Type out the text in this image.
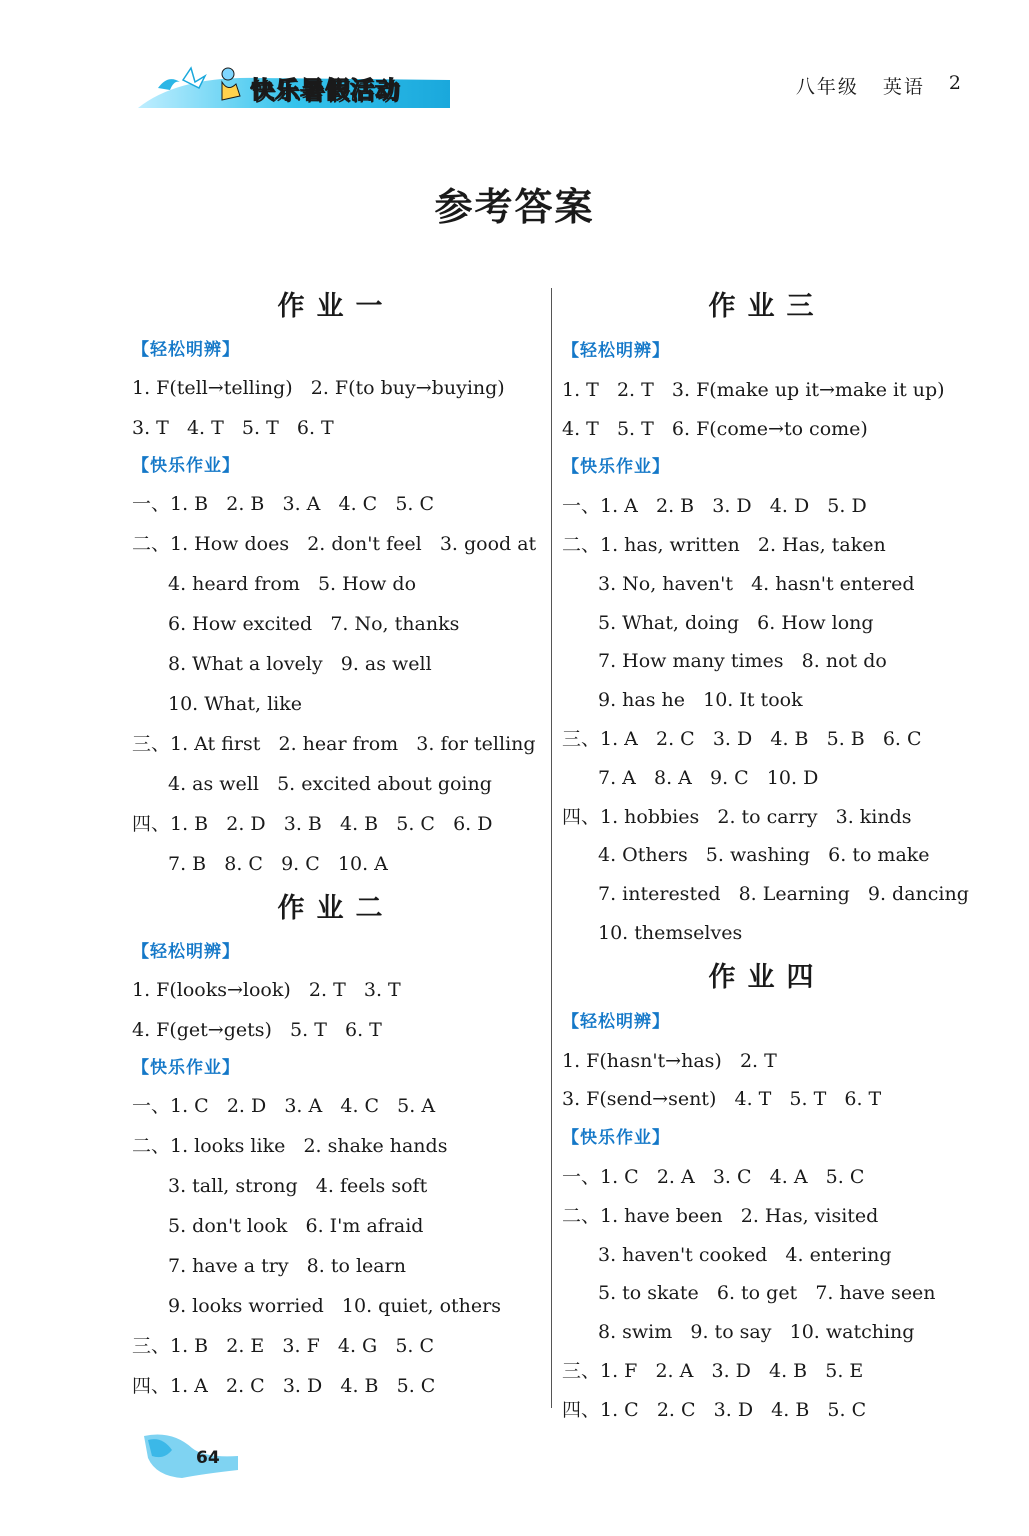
快乐暑假活动	八年级 英语 2
参考答案
作业一
【轻松明辨】
1. F(tell→telling)   2. F(to buy→buying)
3. T   4. T   5. T   6. T
【快乐作业】
一、1. B   2. B   3. A   4. C   5. C
二、1. How does   2. don't feel   3. good at
4. heard from   5. How do
6. How excited   7. No, thanks
8. What a lovely   9. as well
10. What, like
三、1. At first   2. hear from   3. for telling
4. as well   5. excited about going
四、1. B   2. D   3. B   4. B   5. C   6. D
7. B   8. C   9. C   10. A
作业二
【轻松明辨】
1. F(looks→look)   2. T   3. T
4. F(get→gets)   5. T   6. T
【快乐作业】
一、1. C   2. D   3. A   4. C   5. A
二、1. looks like   2. shake hands
3. tall, strong   4. feels soft
5. don't look   6. I'm afraid
7. have a try   8. to learn
9. looks worried   10. quiet, others
三、1. B   2. E   3. F   4. G   5. C
四、1. A   2. C   3. D   4. B   5. C
作业三
【轻松明辨】
1. T   2. T   3. F(make up it→make it up)
4. T   5. T   6. F(come→to come)
【快乐作业】
一、1. A   2. B   3. D   4. D   5. D
二、1. has, written   2. Has, taken
3. No, haven't   4. hasn't entered
5. What, doing   6. How long
7. How many times   8. not do
9. has he   10. It took
三、1. A   2. C   3. D   4. B   5. B   6. C
7. A   8. A   9. C   10. D
四、1. hobbies   2. to carry   3. kinds
4. Others   5. washing   6. to make
7. interested   8. Learning   9. dancing
10. themselves
作业四
【轻松明辨】
1. F(hasn't→has)   2. T
3. F(send→sent)   4. T   5. T   6. T
【快乐作业】
一、1. C   2. A   3. C   4. A   5. C
二、1. have been   2. Has, visited
3. haven't cooked   4. entering
5. to skate   6. to get   7. have seen
8. swim   9. to say   10. watching
三、1. F   2. A   3. D   4. B   5. E
四、1. C   2. C   3. D   4. B   5. C
64
